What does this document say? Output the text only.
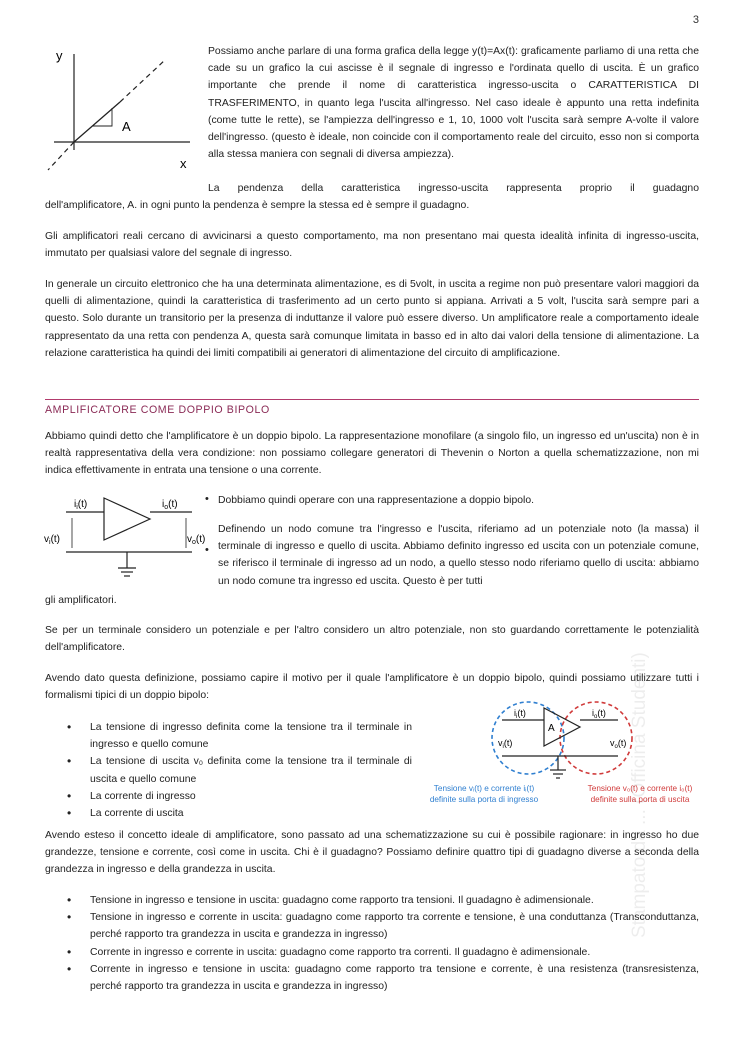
3
y
x
A

Possiamo anche parlare di una forma grafica della legge y(t)=Ax(t): graficamente parliamo di una retta che cade su un grafico la cui ascisse è il segnale di ingresso e l'ordinata quello di uscita. È un grafico importante che prende il nome di caratteristica ingresso-uscita o CARATTERISTICA DI TRASFERIMENTO, in quanto lega l'uscita all'ingresso. Nel caso ideale è appunto una retta indefinita (come tutte le rette), se l'ampiezza dell'ingresso e 1, 10, 1000 volt l'uscita sarà sempre A-volte il valore dell'ingresso. (questo è ideale, non coincide con il comportamento reale del circuito, esso non si comporta alla stessa maniera con segnali di diversa ampiezza).

La pendenza della caratteristica ingresso-uscita rappresenta proprio il guadagno

dell'amplificatore, A. in ogni punto la pendenza è sempre la stessa ed è sempre il guadagno.

Gli amplificatori reali cercano di avvicinarsi a questo comportamento, ma non presentano mai questa idealità infinita di ingresso-uscita, immutato per qualsiasi valore del segnale di ingresso.

In generale un circuito elettronico che ha una determinata alimentazione, es di 5volt, in uscita a regime non può presentare valori maggiori da quelli di alimentazione, quindi la caratteristica di trasferimento ad un certo punto si appiana. Arrivati a 5 volt, l'uscita sarà sempre pari a questo. Solo durante un transitorio per la presenza di induttanze il valore può essere diverso. Un amplificatore reale a comportamento ideale rappresentato da una retta con pendenza A, questa sarà comunque limitata in basso ed in alto dai valori della tensione di alimentazione. La relazione caratteristica ha quindi dei limiti compatibili ai generatori di alimentazione del circuito di amplificazione.

AMPLIFICATORE COME DOPPIO BIPOLO

Abbiamo quindi detto che l'amplificatore è un doppio bipolo. La rappresentazione monofilare (a singolo filo, un ingresso ed un'uscita) non è in realtà rappresentativa della vera condizione: non possiamo collegare generatori di Thevenin o Norton a quella schematizzazione, non mi indica effettivamente in entrata una tensione o una corrente.

$i_i(t)$	$i_o(t)$
$v_i(t)$	$v_o(t)$
• Dobbiamo quindi operare con una rappresentazione a doppio bipolo.

•

Definendo un nodo comune tra l'ingresso e l'uscita, riferiamo ad un potenziale noto (la massa) il terminale di ingresso e quello di uscita. Abbiamo definito ingresso ed uscita con un potenziale comune, se riferisco il terminale di ingresso ad un nodo, a quello stesso nodo riferiamo quello di uscita: abbiamo un nodo comune tra ingresso ed uscita. Questo è per tutti

gli amplificatori.

Se per un terminale considero un potenziale e per l'altro considero un altro potenziale, non sto guardando correttamente le potenzialità dell'amplificatore.

Avendo dato questa definizione, possiamo capire il motivo per il quale l'amplificatore è un doppio bipolo, quindi possiamo utilizzare tutti i formalismi tipici di un doppio bipolo:

• La tensione di ingresso definita come la tensione tra il terminale in ingresso e quello comune
• La tensione di uscita v₀ definita come la tensione tra il terminale di uscita e quello comune
• La corrente di ingresso
• La corrente di uscita
A
$i_i(t)$	$i_o(t)$
$v_i(t)$	$v_o(t)$
Tensione vᵢ(t) e corrente iᵢ(t)
definite sulla porta di ingresso
Tensione v₀(t) e corrente i₀(t)
definite sulla porta di uscita

Avendo esteso il concetto ideale di amplificatore, sono passato ad una schematizzazione su cui è possibile ragionare: in ingresso ho due grandezze, tensione e corrente, così come in uscita. Chi è il guadagno? Possiamo definire quattro tipi di guadagno diverse a seconda della grandezza in ingresso e della grandezza in uscita.

• Tensione in ingresso e tensione in uscita: guadagno come rapporto tra tensioni. Il guadagno è adimensionale.
• Tensione in ingresso e corrente in uscita: guadagno come rapporto tra corrente e tensione, è una conduttanza (Transconduttanza, perché rapporto tra grandezza in uscita e grandezza in ingresso)
• Corrente in ingresso e corrente in uscita: guadagno come rapporto tra correnti. Il guadagno è adimensionale.
• Corrente in ingresso e tensione in uscita: guadagno come rapporto tra tensione e corrente, è una resistenza (transresistenza, perché rapporto tra grandezza in uscita e grandezza in ingresso)
Stampato da ... (Officina Studenti)
